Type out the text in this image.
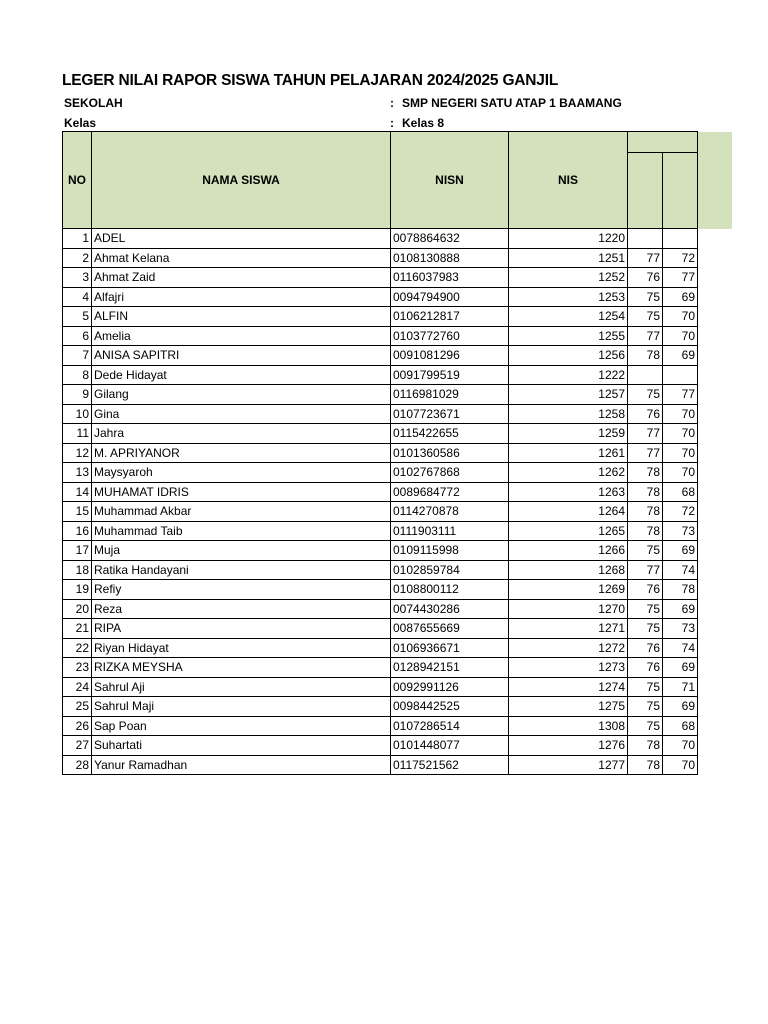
LEGER NILAI RAPOR SISWA TAHUN PELAJARAN 2024/2025 GANJIL
SEKOLAH	: SMP NEGERI SATU ATAP 1 BAAMANG
Kelas	: Kelas 8
NO	NAMA SISWA	NISN	NIS		

1	ADEL	0078864632	1220		
2	Ahmat Kelana	0108130888	1251	77	72
3	Ahmat Zaid	0116037983	1252	76	77
4	Alfajri	0094794900	1253	75	69
5	ALFIN	0106212817	1254	75	70
6	Amelia	0103772760	1255	77	70
7	ANISA SAPITRI	0091081296	1256	78	69
8	Dede Hidayat	0091799519	1222		
9	Gilang	0116981029	1257	75	77
10	Gina	0107723671	1258	76	70
11	Jahra	0115422655	1259	77	70
12	M. APRIYANOR	0101360586	1261	77	70
13	Maysyaroh	0102767868	1262	78	70
14	MUHAMAT IDRIS	0089684772	1263	78	68
15	Muhammad Akbar	0114270878	1264	78	72
16	Muhammad Taib	0111903111	1265	78	73
17	Muja	0109115998	1266	75	69
18	Ratika Handayani	0102859784	1268	77	74
19	Refiy	0108800112	1269	76	78
20	Reza	0074430286	1270	75	69
21	RIPA	0087655669	1271	75	73
22	Riyan Hidayat	0106936671	1272	76	74
23	RIZKA MEYSHA	0128942151	1273	76	69
24	Sahrul Aji	0092991126	1274	75	71
25	Sahrul Maji	0098442525	1275	75	69
26	Sap Poan	0107286514	1308	75	68
27	Suhartati	0101448077	1276	78	70
28	Yanur Ramadhan	0117521562	1277	78	70
